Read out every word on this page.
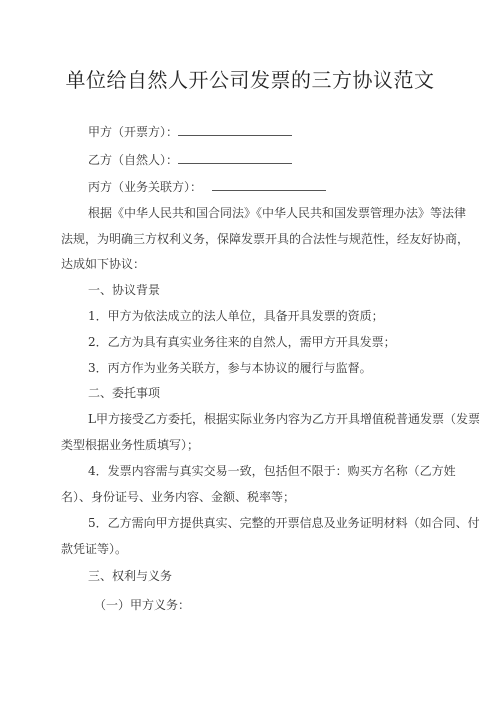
单位给自然人开公司发票的三方协议范文
甲方（开票方）：
乙方（自然人）：
丙方（业务关联方）：
根据《中华人民共和国合同法》《中华人民共和国发票管理办法》等法律
法规，为明确三方权利义务，保障发票开具的合法性与规范性，经友好协商，
达成如下协议：
一、协议背景
1．甲方为依法成立的法人单位，具备开具发票的资质；
2．乙方为具有真实业务往来的自然人，需甲方开具发票；
3．丙方作为业务关联方，参与本协议的履行与监督。
二、委托事项
L甲方接受乙方委托，根据实际业务内容为乙方开具增值税普通发票（发票
类型根据业务性质填写）；
4．发票内容需与真实交易一致，包括但不限于：购买方名称（乙方姓
名）、身份证号、业务内容、金额、税率等；
5．乙方需向甲方提供真实、完整的开票信息及业务证明材料（如合同、付
款凭证等）。
三、权利与义务
（一）甲方义务：
